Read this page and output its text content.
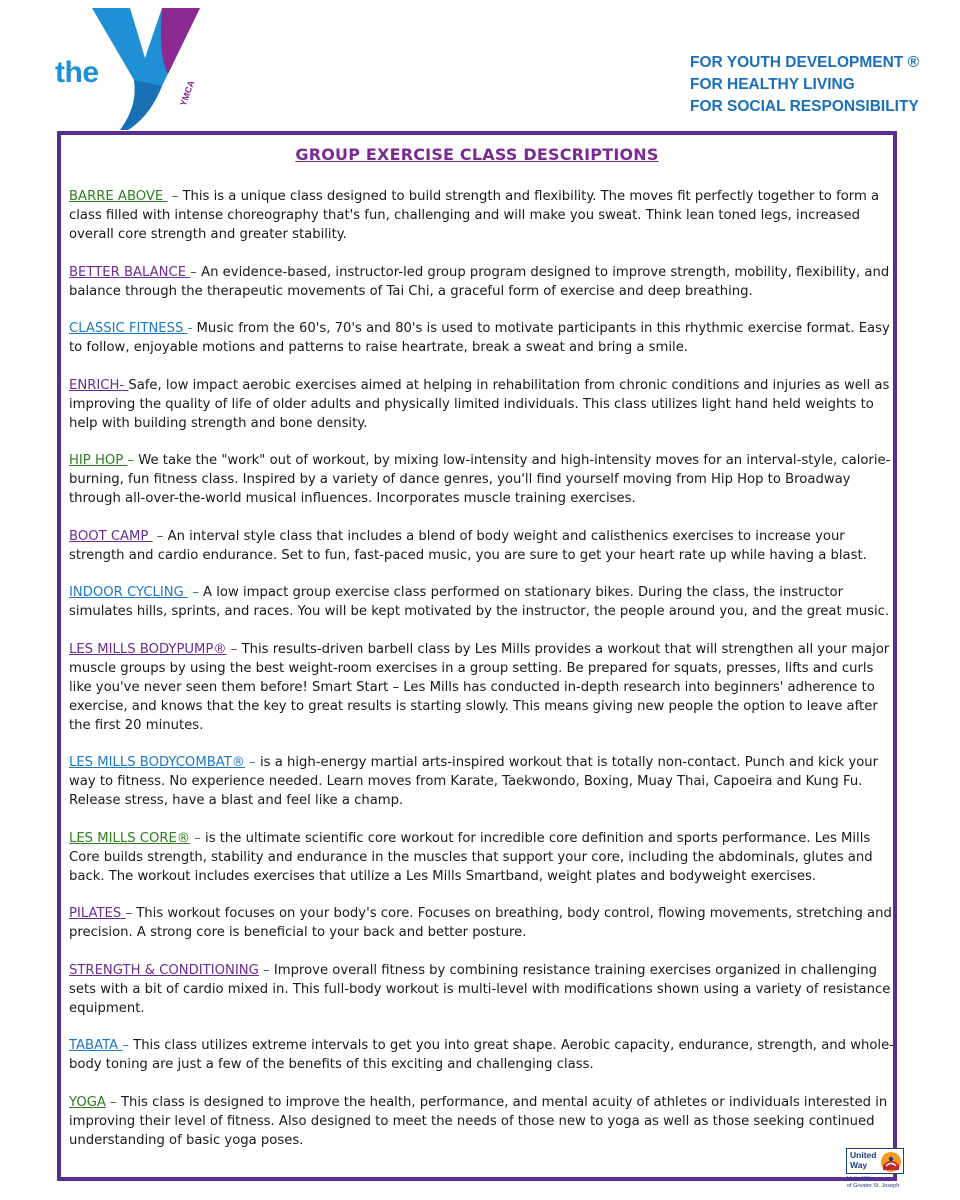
®
the
YMCA
FOR YOUTH DEVELOPMENT ®
FOR HEALTHY LIVING
FOR SOCIAL RESPONSIBILITY
GROUP EXERCISE CLASS DESCRIPTIONS
BARRE ABOVE  – This is a unique class designed to build strength and flexibility. The moves fit perfectly together to form a class filled with intense choreography that's fun, challenging and will make you sweat. Think lean toned legs, increased overall core strength and greater stability.
BETTER BALANCE – An evidence-based, instructor-led group program designed to improve strength, mobility, flexibility, and balance through the therapeutic movements of Tai Chi, a graceful form of exercise and deep breathing.
CLASSIC FITNESS - Music from the 60's, 70's and 80's is used to motivate participants in this rhythmic exercise format. Easy to follow, enjoyable motions and patterns to raise heartrate, break a sweat and bring a smile.
ENRICH- Safe, low impact aerobic exercises aimed at helping in rehabilitation from chronic conditions and injuries as well as improving the quality of life of older adults and physically limited individuals. This class utilizes light hand held weights to help with building strength and bone density.
HIP HOP – We take the "work" out of workout, by mixing low-intensity and high-intensity moves for an interval-style, calorie-burning, fun fitness class. Inspired by a variety of dance genres, you'll find yourself moving from Hip Hop to Broadway through all-over-the-world musical influences. Incorporates muscle training exercises.
BOOT CAMP  – An interval style class that includes a blend of body weight and calisthenics exercises to increase your strength and cardio endurance. Set to fun, fast-paced music, you are sure to get your heart rate up while having a blast.
INDOOR CYCLING  – A low impact group exercise class performed on stationary bikes. During the class, the instructor simulates hills, sprints, and races. You will be kept motivated by the instructor, the people around you, and the great music.
LES MILLS BODYPUMP® – This results-driven barbell class by Les Mills provides a workout that will strengthen all your major muscle groups by using the best weight-room exercises in a group setting. Be prepared for squats, presses, lifts and curls like you've never seen them before! Smart Start – Les Mills has conducted in-depth research into beginners' adherence to exercise, and knows that the key to great results is starting slowly. This means giving new people the option to leave after the first 20 minutes.
LES MILLS BODYCOMBAT® – is a high-energy martial arts-inspired workout that is totally non-contact. Punch and kick your way to fitness. No experience needed. Learn moves from Karate, Taekwondo, Boxing, Muay Thai, Capoeira and Kung Fu. Release stress, have a blast and feel like a champ.
LES MILLS CORE® – is the ultimate scientific core workout for incredible core definition and sports performance. Les Mills Core builds strength, stability and endurance in the muscles that support your core, including the abdominals, glutes and back. The workout includes exercises that utilize a Les Mills Smartband, weight plates and bodyweight exercises.
PILATES – This workout focuses on your body's core. Focuses on breathing, body control, flowing movements, stretching and precision. A strong core is beneficial to your back and better posture.
STRENGTH & CONDITIONING – Improve overall fitness by combining resistance training exercises organized in challenging sets with a bit of cardio mixed in. This full-body workout is multi-level with modifications shown using a variety of resistance equipment.
TABATA – This class utilizes extreme intervals to get you into great shape. Aerobic capacity, endurance, strength, and whole-body toning are just a few of the benefits of this exciting and challenging class.
YOGA – This class is designed to improve the health, performance, and mental acuity of athletes or individuals interested in improving their level of fitness. Also designed to meet the needs of those new to yoga as well as those seeking continued understanding of basic yoga poses.
United
Way
United Way
of Greater St. Joseph
